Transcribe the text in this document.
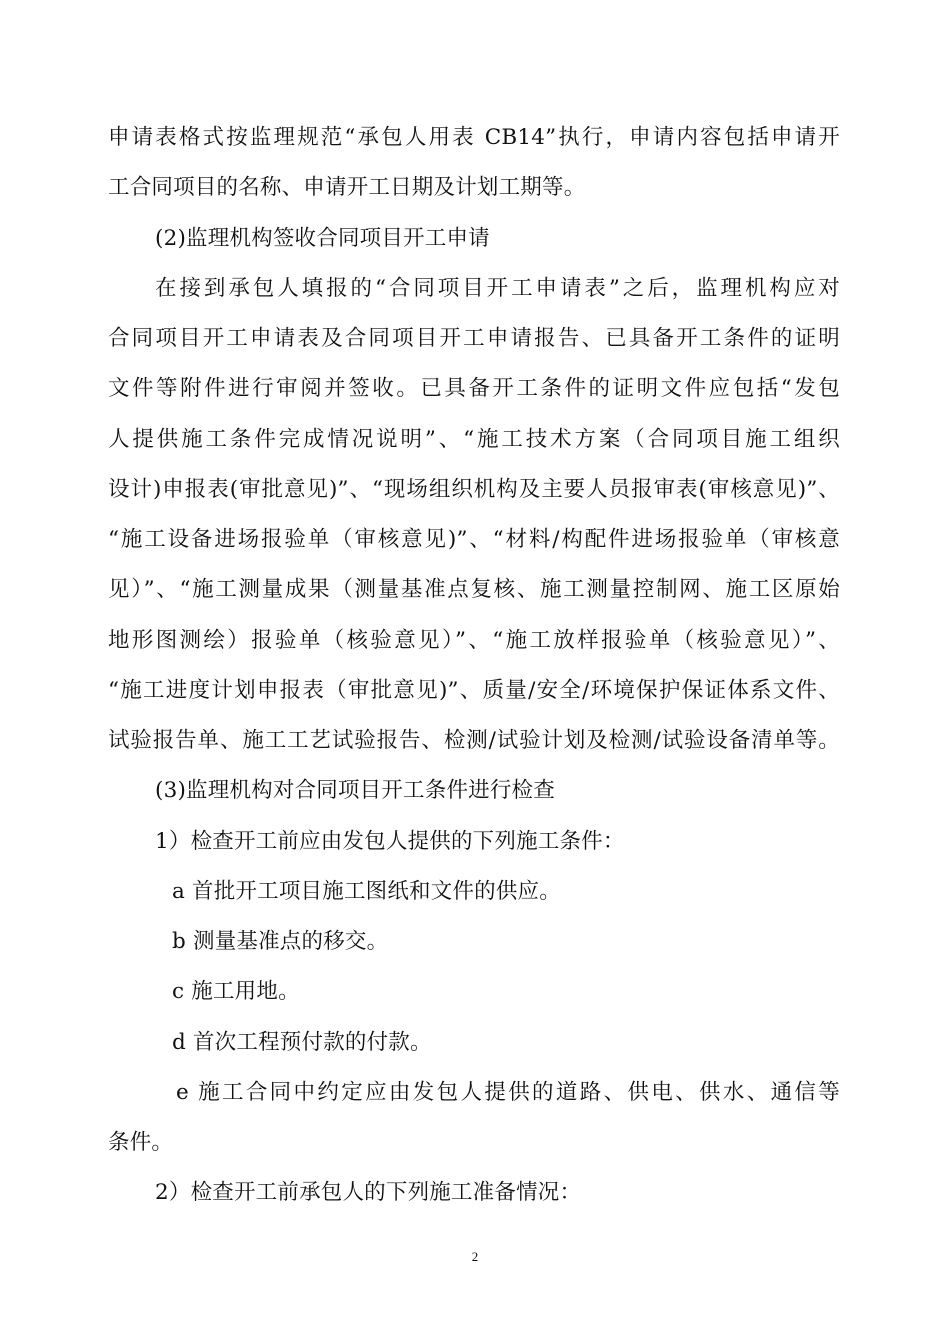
申请表格式按监理规范“承包人用表 CB14”执行，申请内容包括申请开
工合同项目的名称、申请开工日期及计划工期等。
(2)监理机构签收合同项目开工申请
在接到承包人填报的“合同项目开工申请表”之后，监理机构应对
合同项目开工申请表及合同项目开工申请报告、已具备开工条件的证明
文件等附件进行审阅并签收。已具备开工条件的证明文件应包括“发包
人提供施工条件完成情况说明”、“施工技术方案（合同项目施工组织
设计)申报表(审批意见)”、“现场组织机构及主要人员报审表(审核意见)”、
“施工设备进场报验单（审核意见)”、“材料/构配件进场报验单（审核意
见）”、“施工测量成果（测量基准点复核、施工测量控制网、施工区原始
地形图测绘）报验单（核验意见）”、“施工放样报验单（核验意见）”、
“施工进度计划申报表（审批意见)”、质量/安全/环境保护保证体系文件、
试验报告单、施工工艺试验报告、检测/试验计划及检测/试验设备清单等。
(3)监理机构对合同项目开工条件进行检查
1）检查开工前应由发包人提供的下列施工条件：
a 首批开工项目施工图纸和文件的供应。
b 测量基准点的移交。
c 施工用地。
d 首次工程预付款的付款。
e 施工合同中约定应由发包人提供的道路、供电、供水、通信等
条件。
2）检查开工前承包人的下列施工准备情况：
2
